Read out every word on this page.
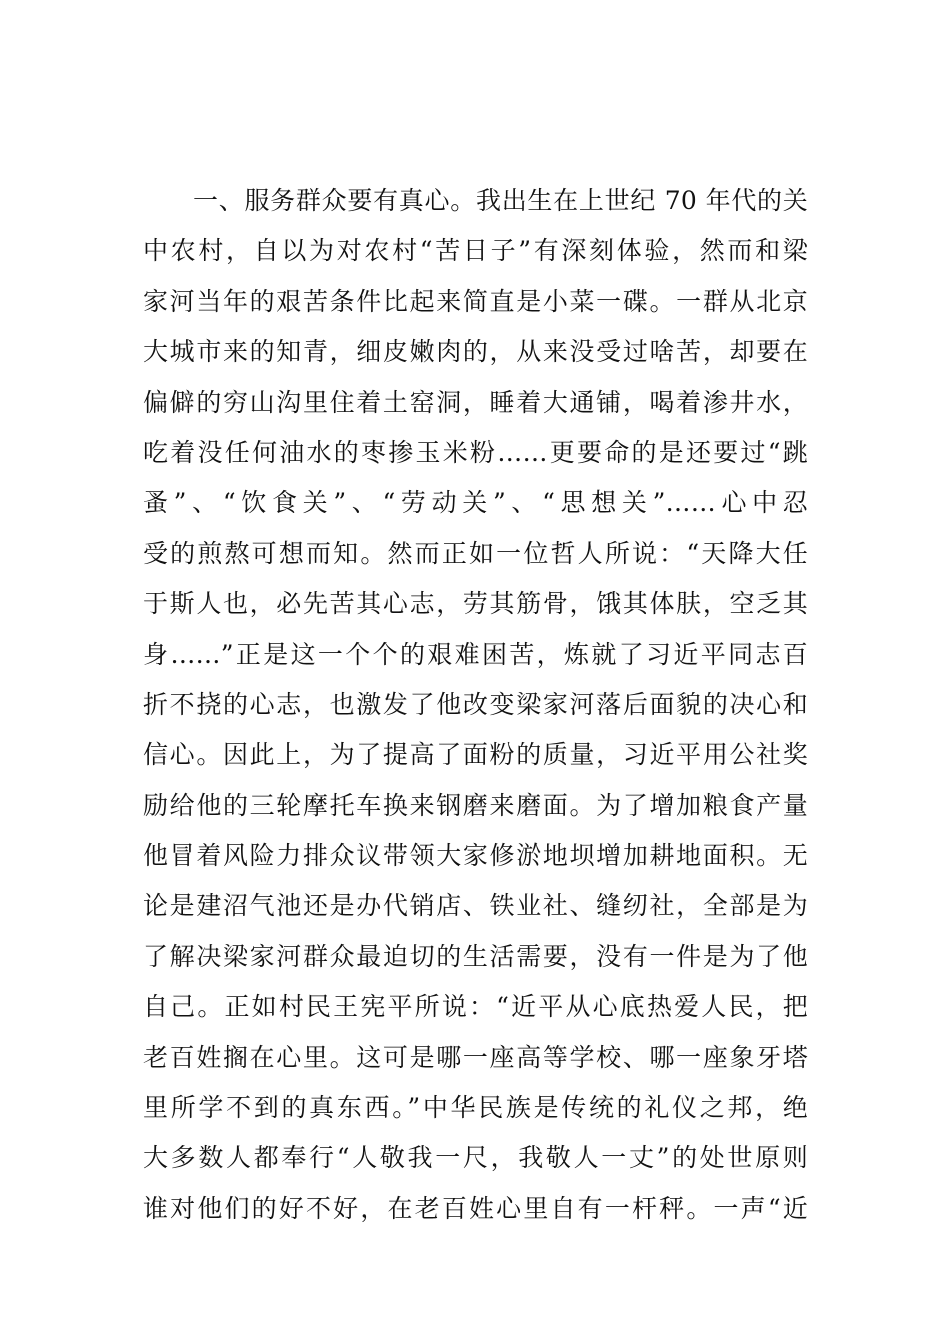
一、服务群众要有真心。我出生在上世纪 70 年代的关
中农村，自以为对农村“苦日子”有深刻体验，然而和梁
家河当年的艰苦条件比起来简直是小菜一碟。一群从北京
大城市来的知青，细皮嫩肉的，从来没受过啥苦，却要在
偏僻的穷山沟里住着土窑洞，睡着大通铺，喝着渗井水，
吃着没任何油水的枣掺玉米粉……更要命的是还要过“跳
蚤”、“饮食关”、“劳动关”、“思想关”……心中忍
受的煎熬可想而知。然而正如一位哲人所说：“天降大任
于斯人也，必先苦其心志，劳其筋骨，饿其体肤，空乏其
身……”正是这一个个的艰难困苦，炼就了习近平同志百
折不挠的心志，也激发了他改变梁家河落后面貌的决心和
信心。因此上，为了提高了面粉的质量，习近平用公社奖
励给他的三轮摩托车换来钢磨来磨面。为了增加粮食产量
他冒着风险力排众议带领大家修淤地坝增加耕地面积。无
论是建沼气池还是办代销店、铁业社、缝纫社，全部是为
了解决梁家河群众最迫切的生活需要，没有一件是为了他
自己。正如村民王宪平所说：“近平从心底热爱人民，把
老百姓搁在心里。这可是哪一座高等学校、哪一座象牙塔
里所学不到的真东西。”中华民族是传统的礼仪之邦，绝
大多数人都奉行“人敬我一尺，我敬人一丈”的处世原则
谁对他们的好不好，在老百姓心里自有一杆秤。一声“近
